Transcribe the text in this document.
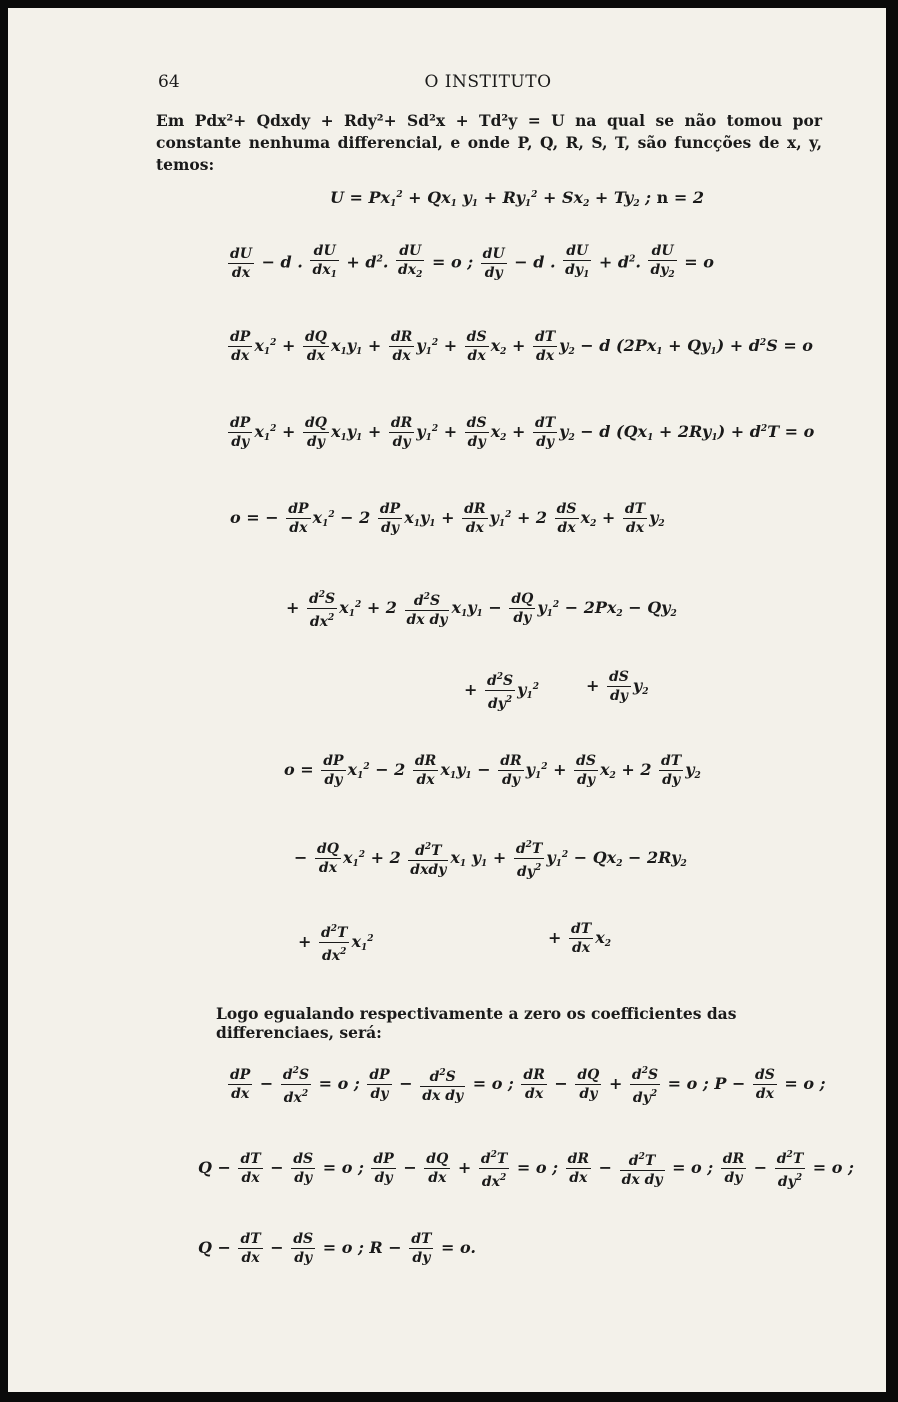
64	O INSTITUTO
Em Pdx²+ Qdxdy + Rdy²+ Sd²x + Td²y = U na qual se não tomou por constante nenhuma differencial, e onde P, Q, R, S, T, são funcções de x, y, temos:
$U = Px_1^2 + Qx_1$ $y_1 + Ry_1^2 + Sx_2 + Ty_2$ ; n = 2
$\frac{dU}{dx} - d$ . $\frac{dU}{dx_1} + d^2$. $\frac{dU}{dx_2} = o$ ; $\frac{dU}{dy} - d$ . $\frac{dU}{dy_1} + d^2$. $\frac{dU}{dy_2} = o$
$\frac{dP}{dx} x_1^2 + \frac{dQ}{dx} x_1y_1 + \frac{dR}{dx} y_1^2 + \frac{dS}{dx} x_2 + \frac{dT}{dx} y_2 - d$ $(2Px_1 + Qy_1) + d^2S = o$
$\frac{dP}{dy} x_1^2 + \frac{dQ}{dy} x_1y_1 + \frac{dR}{dy} y_1^2 + \frac{dS}{dy} x_2 + \frac{dT}{dy} y_2 - d$ $(Qx_1 + 2Ry_1) + d^2T = o$
o = − $\frac{dP}{dx} x_1^2 - 2 \frac{dP}{dy} x_1y_1 + \frac{dR}{dx} y_1^2 + 2 \frac{dS}{dx} x_2 + \frac{dT}{dx} y_2$
+ $\frac{d^2S}{dx^2} x_1^2 + 2 \frac{d^2S}{\text{dx dy}} x_1y_1 - \frac{dQ}{dy} y_1^2 - 2Px_2 - Qy_2$
+ $\frac{d^2S}{dy^2} y_1^2$	+ $\frac{dS}{dy} y_2$
$o = \frac{dP}{dy} x_1^2 - 2 \frac{dR}{dx} x_1y_1 - \frac{dR}{dy} y_1^2 + \frac{dS}{dy} x_2 + 2 \frac{dT}{dy} y_2$
− $\frac{dQ}{dx} x_1^2 + 2 \frac{d^2T}{\text{dxdy}} x_1$ $y_1 + \frac{d^2T}{dy^2} y_1^2 - Qx_2 - 2Ry_2$
+ $\frac{d^2T}{dx^2} x_1^2$	+ $\frac{dT}{dx} x_2$
Logo egualando respectivamente a zero os coefficientes das differenciaes, será:
$\frac{dP}{dx} - \frac{d^2S}{dx^2} = o$ ; $\frac{dP}{dy} - \frac{d^2S}{\text{dx dy}} = o$ ; $\frac{dR}{dx} - \frac{dQ}{dy} + \frac{d^2S}{dy^2} = o$ ; $P - \frac{dS}{dx} = o$ ;
$Q - \frac{dT}{dx} - \frac{dS}{dy} = o$ ; $\frac{dP}{dy} - \frac{dQ}{dx} + \frac{d^2T}{dx^2} = o$ ; $\frac{dR}{dx} - \frac{d^2T}{\text{dx dy}} = o$ ; $\frac{dR}{dy} - \frac{d^2T}{dy^2} = o$ ;
$Q - \frac{dT}{dx} - \frac{dS}{dy} = o$ ; $R - \frac{dT}{dy} = o$.
